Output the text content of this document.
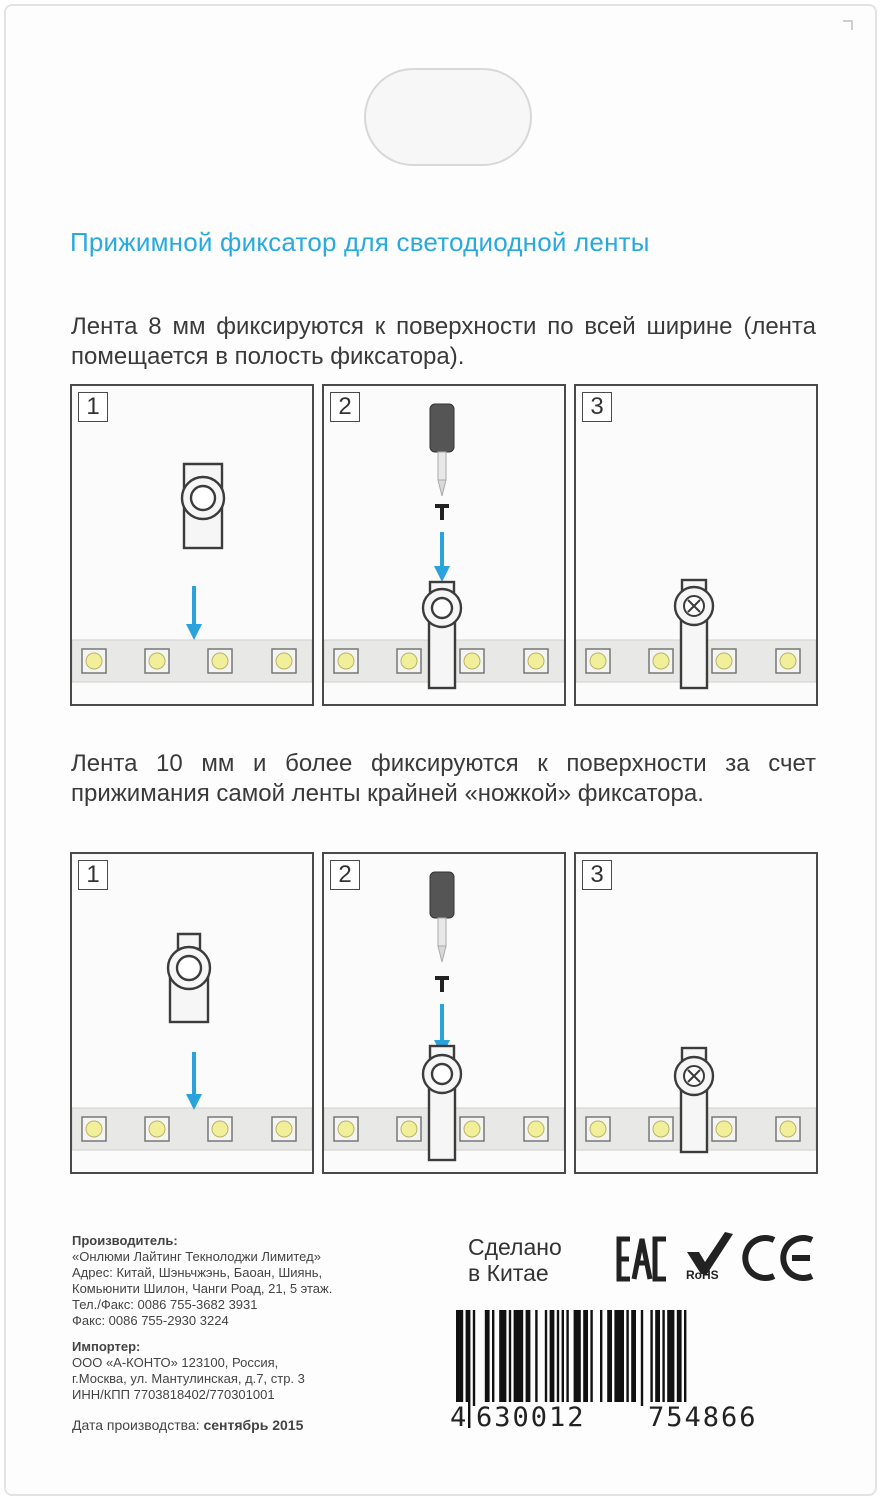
Прижимной фиксатор для светодиодной ленты

Лента 8 мм фиксируются к поверхности по всей ширине (лента помещается в полость фиксатора).

1	2	3

Лента 10 мм и более фиксируются к поверхности за счет прижимания самой ленты крайней «ножкой» фиксатора.

1	2	3
Производитель:
«Онлюми Лайтинг Текнолоджи Лимитед»
Адрес: Китай, Шэньчжэнь, Баоан, Шиянь,
Комьюнити Шилон, Чанги Роад, 21, 5 этаж.
Тел./Факс: 0086 755-3682 3931
Факс: 0086 755-2930 3224
Импортер:
ООО «А-КОНТО» 123100, Россия,
г.Москва, ул. Мантулинская, д.7, стр. 3
ИНН/КПП 7703818402/770301001
Дата производства: сентябрь 2015
Сделано
в Китае	RoHS
4 630012	754866
